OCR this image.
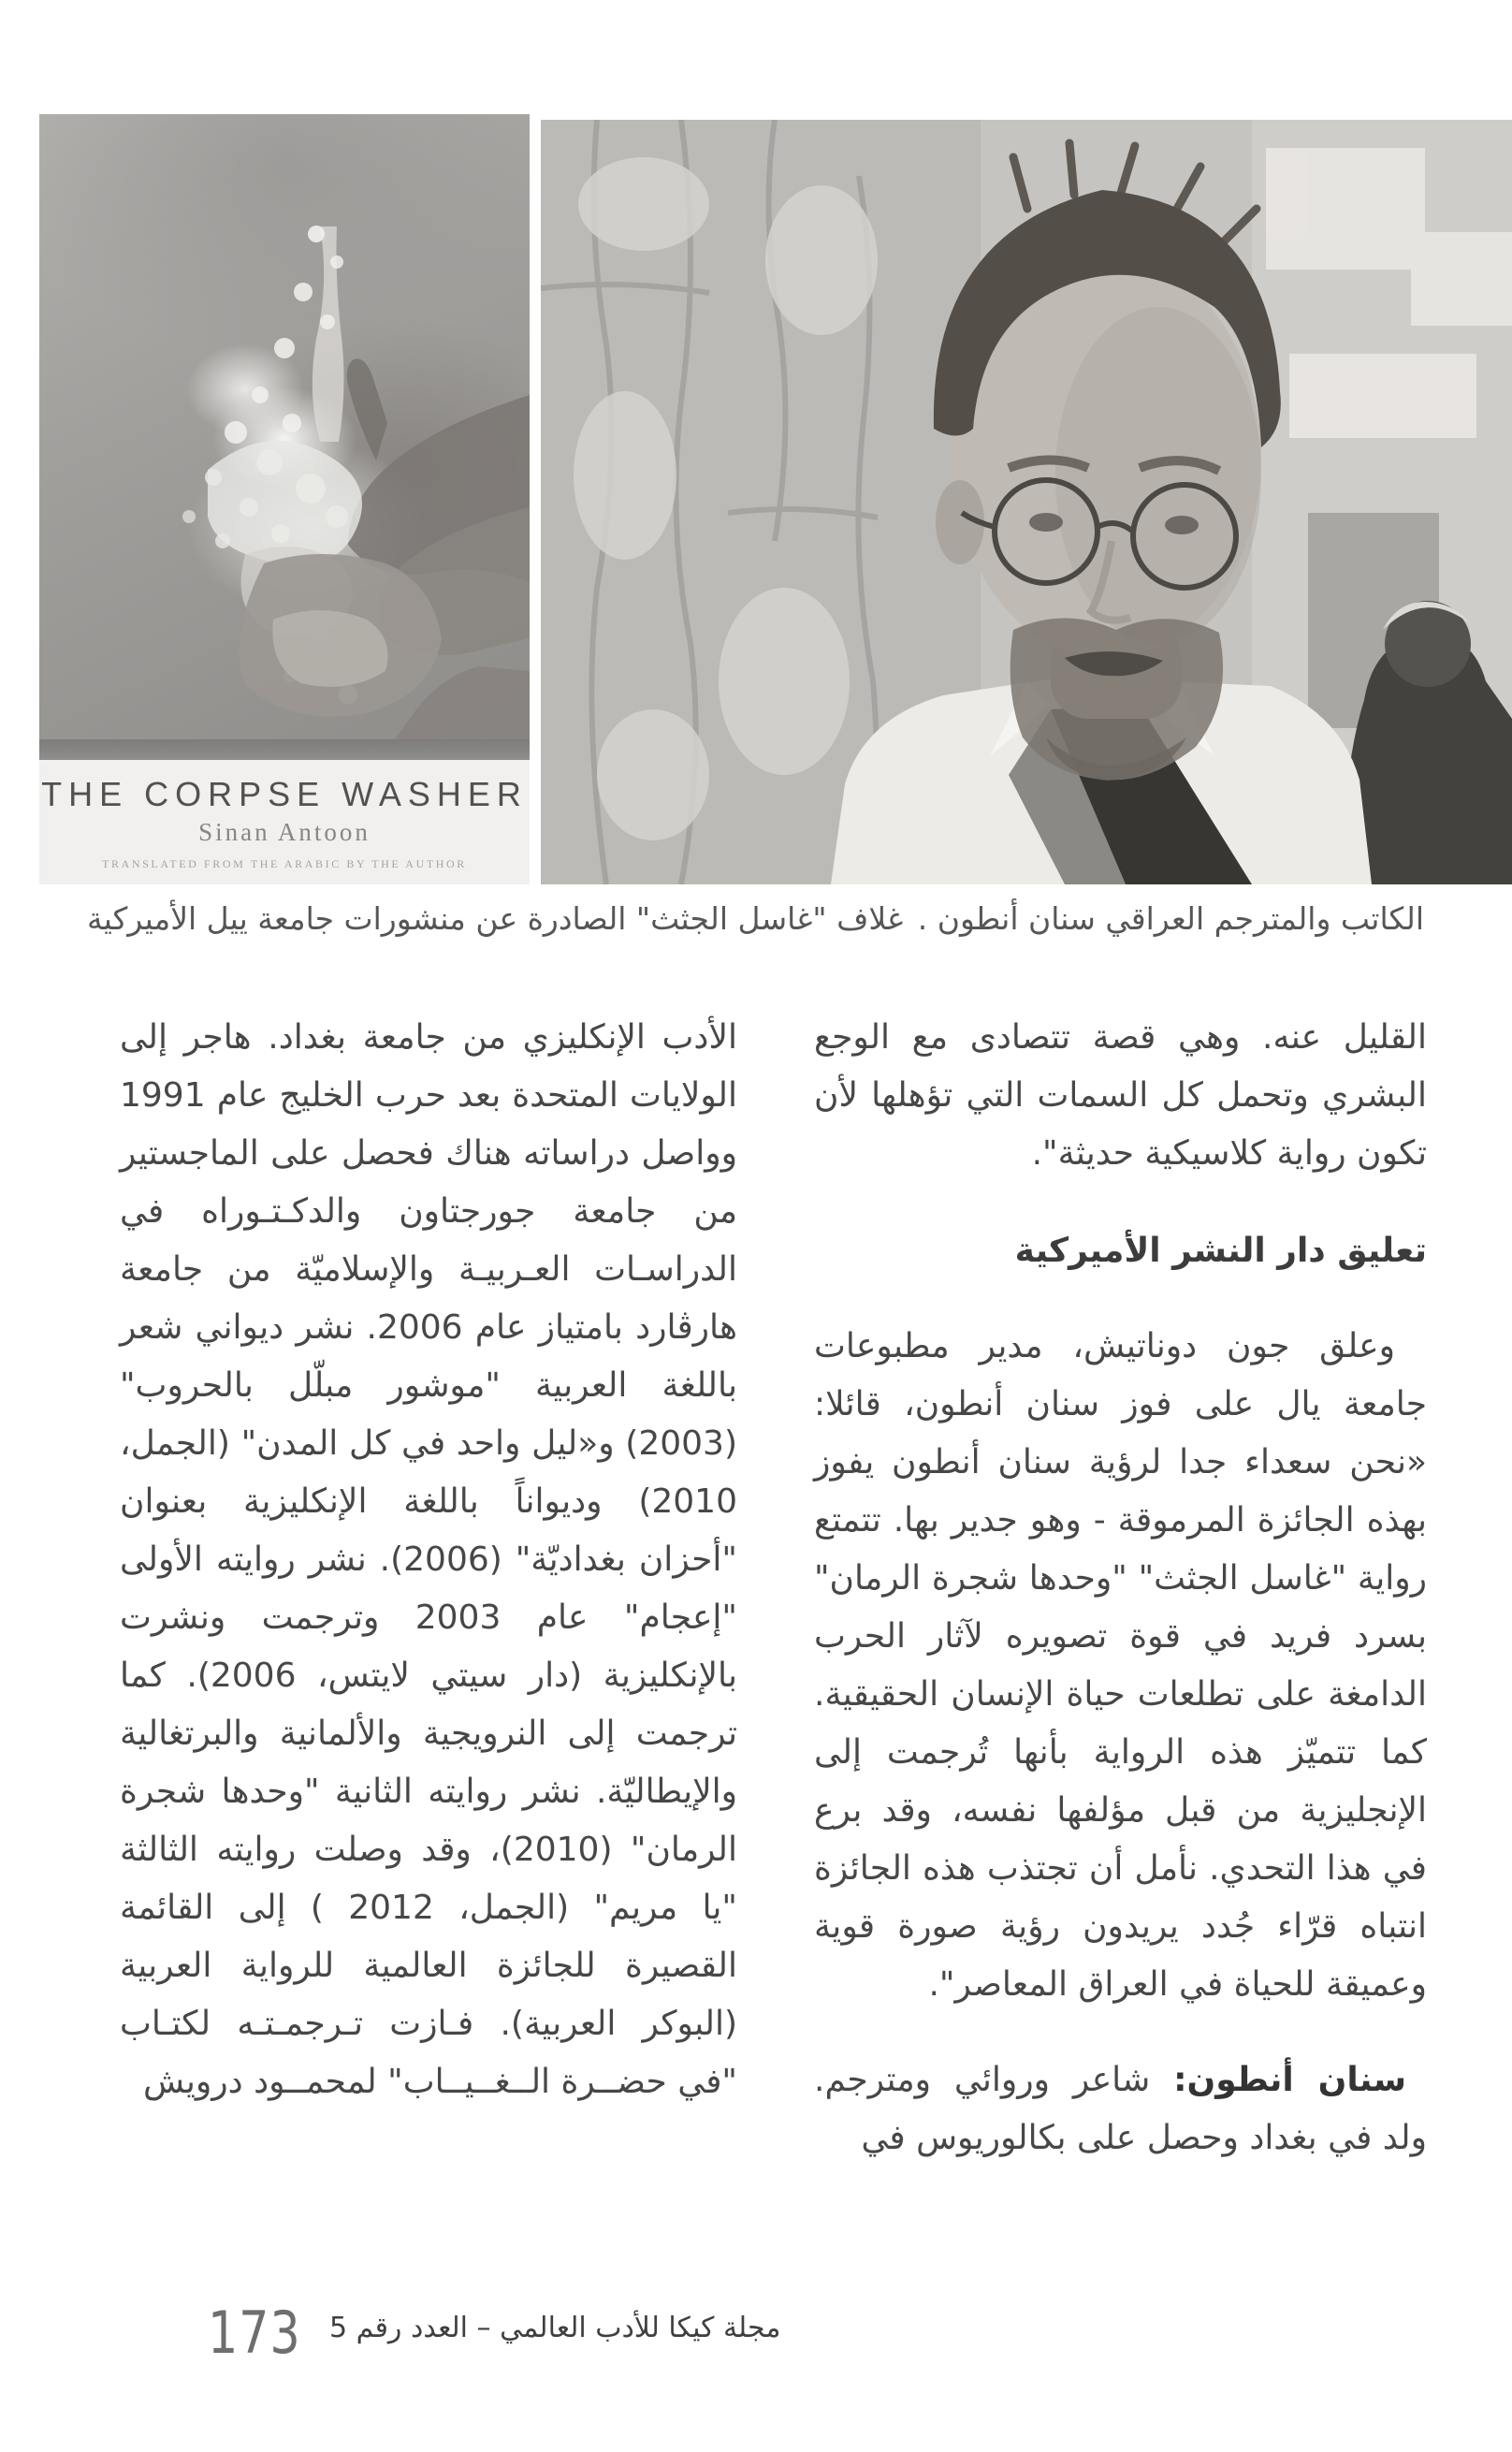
THE CORPSE WASHER
Sinan Antoon
TRANSLATED FROM THE ARABIC BY THE AUTHOR
غلاف "غاسل الجثث" الصادرة عن منشورات جامعة ييل الأميركية الكاتب والمترجم العراقي سنان أنطون .

القليل عنه. وهي قصة تتصادى مع الوجع البشري وتحمل كل السمات التي تؤهلها لأن تكون رواية كلاسيكية حديثة".

تعليق دار النشر الأميركية

وعلق جون دوناتيش، مدير مطبوعات جامعة يال على فوز سنان أنطون، قائلا: «نحن سعداء جدا لرؤية سنان أنطون يفوز بهذه الجائزة المرموقة - وهو جدير بها. تتمتع رواية "غاسل الجثث" "وحدها شجرة الرمان" بسرد فريد في قوة تصويره لآثار الحرب الدامغة على تطلعات حياة الإنسان الحقيقية. كما تتميّز هذه الرواية بأنها تُرجمت إلى الإنجليزية من قبل مؤلفها نفسه، وقد برع في هذا التحدي. نأمل أن تجتذب هذه الجائزة انتباه قرّاء جُدد يريدون رؤية صورة قوية وعميقة للحياة في العراق المعاصر".

سنان أنطون: شاعر وروائي ومترجم. ولد في بغداد وحصل على بكالوريوس في

الأدب الإنكليزي من جامعة بغداد. هاجر إلى الولايات المتحدة بعد حرب الخليج عام 1991 وواصل دراساته هناك فحصل على الماجستير من جامعة جورجتاون والدكـتـوراه في الدراسـات العـربيـة والإسلاميّة من جامعة هارڤارد بامتياز عام 2006. نشر ديواني شعر باللغة العربية "موشور مبلّل بالحروب" (2003) و«ليل واحد في كل المدن" (الجمل، 2010) وديواناً باللغة الإنكليزية بعنوان "أحزان بغداديّة" (2006). نشر روايته الأولى "إعجام" عام 2003 وترجمت ونشرت بالإنكليزية (دار سيتي لايتس، 2006). كما ترجمت إلى النرويجية والألمانية والبرتغالية والإيطاليّة. نشر روايته الثانية "وحدها شجرة الرمان" (2010)، وقد وصلت روايته الثالثة "يا مريم" (الجمل، 2012 ) إلى القائمة القصيرة للجائزة العالمية للرواية العربية (البوكر العربية). فـازت تـرجمـتـه لكتـاب "في حضــرة الــغــيــاب" لمحمــود درويش

173 مجلة كيكا للأدب العالمي – العدد رقم 5
